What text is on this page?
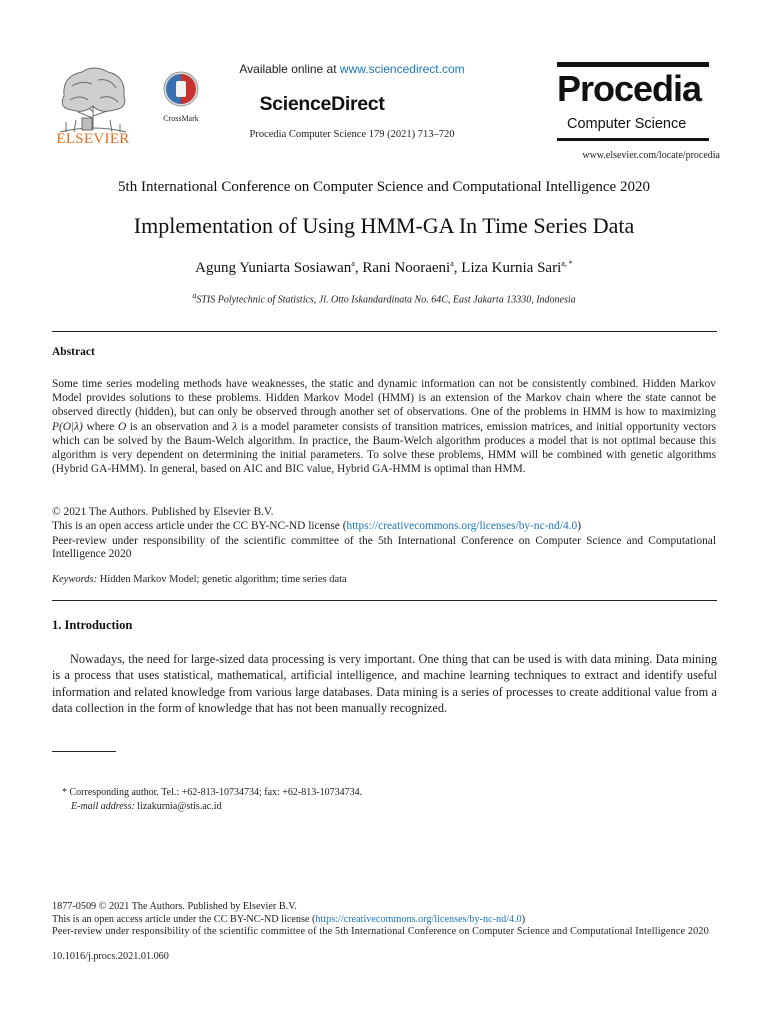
ELSEVIER
CrossMark
Available online at www.sciencedirect.com
ScienceDirect
Procedia Computer Science 179 (2021) 713–720
Procedia
Computer Science
www.elsevier.com/locate/procedia
5th International Conference on Computer Science and Computational Intelligence 2020
Implementation of Using HMM-GA In Time Series Data
Agung Yuniarta Sosiawan$^a$, Rani Nooraeni$^a$, Liza Kurnia Sari$^{a, *}$
$^a$STIS Polytechnic of Statistics, Jl. Otto Iskandardinata No. 64C, East Jakarta 13330, Indonesia
Abstract
Some time series modeling methods have weaknesses, the static and dynamic information can not be consistently combined. Hidden Markov Model provides solutions to these problems. Hidden Markov Model (HMM) is an extension of the Markov chain where the state cannot be observed directly (hidden), but can only be observed through another set of observations. One of the problems in HMM is how to maximizing P(O|λ) where O is an observation and λ is a model parameter consists of transition matrices, emission matrices, and initial opportunity vectors which can be solved by the Baum-Welch algorithm. In practice, the Baum-Welch algorithm produces a model that is not optimal because this algorithm is very dependent on determining the initial parameters. To solve these problems, HMM will be combined with genetic algorithms (Hybrid GA-HMM). In general, based on AIC and BIC value, Hybrid GA-HMM is optimal than HMM.
© 2021 The Authors. Published by Elsevier B.V.
This is an open access article under the CC BY-NC-ND license (https://creativecommons.org/licenses/by-nc-nd/4.0)
Peer-review under responsibility of the scientific committee of the 5th International Conference on Computer Science and Computational Intelligence 2020
Keywords: Hidden Markov Model; genetic algorithm; time series data
1. Introduction
Nowadays, the need for large-sized data processing is very important. One thing that can be used is with data mining. Data mining is a process that uses statistical, mathematical, artificial intelligence, and machine learning techniques to extract and identify useful information and related knowledge from various large databases. Data mining is a series of processes to create additional value from a data collection in the form of knowledge that has not been manually recognized.
* Corresponding author. Tel.: +62-813-10734734; fax: +62-813-10734734.
E-mail address: lizakurnia@stis.ac.id
1877-0509 © 2021 The Authors. Published by Elsevier B.V.
This is an open access article under the CC BY-NC-ND license (https://creativecommons.org/licenses/by-nc-nd/4.0)
Peer-review under responsibility of the scientific committee of the 5th International Conference on Computer Science and Computational Intelligence 2020
10.1016/j.procs.2021.01.060
